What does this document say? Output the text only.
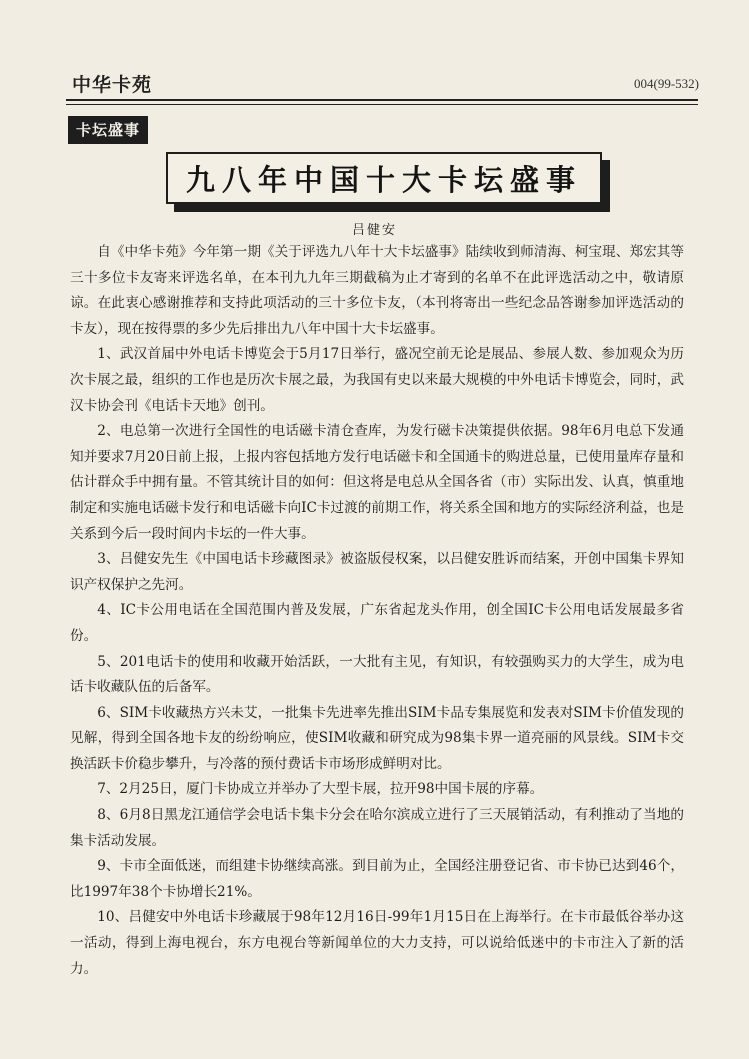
中华卡苑	004(99-532)
卡坛盛事
九八年中国十大卡坛盛事
吕健安

自《中华卡苑》今年第一期《关于评选九八年十大卡坛盛事》陆续收到师清海、柯宝琨、郑宏其等三十多位卡友寄来评选名单，在本刊九九年三期截稿为止才寄到的名单不在此评选活动之中，敬请原谅。在此衷心感谢推荐和支持此项活动的三十多位卡友，（本刊将寄出一些纪念品答谢参加评选活动的卡友），现在按得票的多少先后排出九八年中国十大卡坛盛事。

1、武汉首届中外电话卡博览会于5月17日举行，盛况空前无论是展品、参展人数、参加观众为历次卡展之最，组织的工作也是历次卡展之最，为我国有史以来最大规模的中外电话卡博览会，同时，武汉卡协会刊《电话卡天地》创刊。

2、电总第一次进行全国性的电话磁卡清仓查库，为发行磁卡决策提供依据。98年6月电总下发通知并要求7月20日前上报，上报内容包括地方发行电话磁卡和全国通卡的购进总量，已使用量库存量和估计群众手中拥有量。不管其统计目的如何：但这将是电总从全国各省（市）实际出发、认真，慎重地制定和实施电话磁卡发行和电话磁卡向IC卡过渡的前期工作，将关系全国和地方的实际经济利益，也是关系到今后一段时间内卡坛的一件大事。

3、吕健安先生《中国电话卡珍藏图录》被盗版侵权案，以吕健安胜诉而结案，开创中国集卡界知识产权保护之先河。

4、IC卡公用电话在全国范围内普及发展，广东省起龙头作用，创全国IC卡公用电话发展最多省份。

5、201电话卡的使用和收藏开始活跃，一大批有主见，有知识，有较强购买力的大学生，成为电话卡收藏队伍的后备军。

6、SIM卡收藏热方兴未艾，一批集卡先进率先推出SIM卡品专集展览和发表对SIM卡价值发现的见解，得到全国各地卡友的纷纷响应，使SIM收藏和研究成为98集卡界一道亮丽的风景线。SIM卡交换活跃卡价稳步攀升，与冷落的预付费话卡市场形成鲜明对比。

7、2月25日，厦门卡协成立并举办了大型卡展，拉开98中国卡展的序幕。

8、6月8日黑龙江通信学会电话卡集卡分会在哈尔滨成立进行了三天展销活动，有利推动了当地的集卡活动发展。

9、卡市全面低迷，而组建卡协继续高涨。到目前为止，全国经注册登记省、市卡协已达到46个，比1997年38个卡协增长21%。

10、吕健安中外电话卡珍藏展于98年12月16日-99年1月15日在上海举行。在卡市最低谷举办这一活动，得到上海电视台，东方电视台等新闻单位的大力支持，可以说给低迷中的卡市注入了新的活力。
